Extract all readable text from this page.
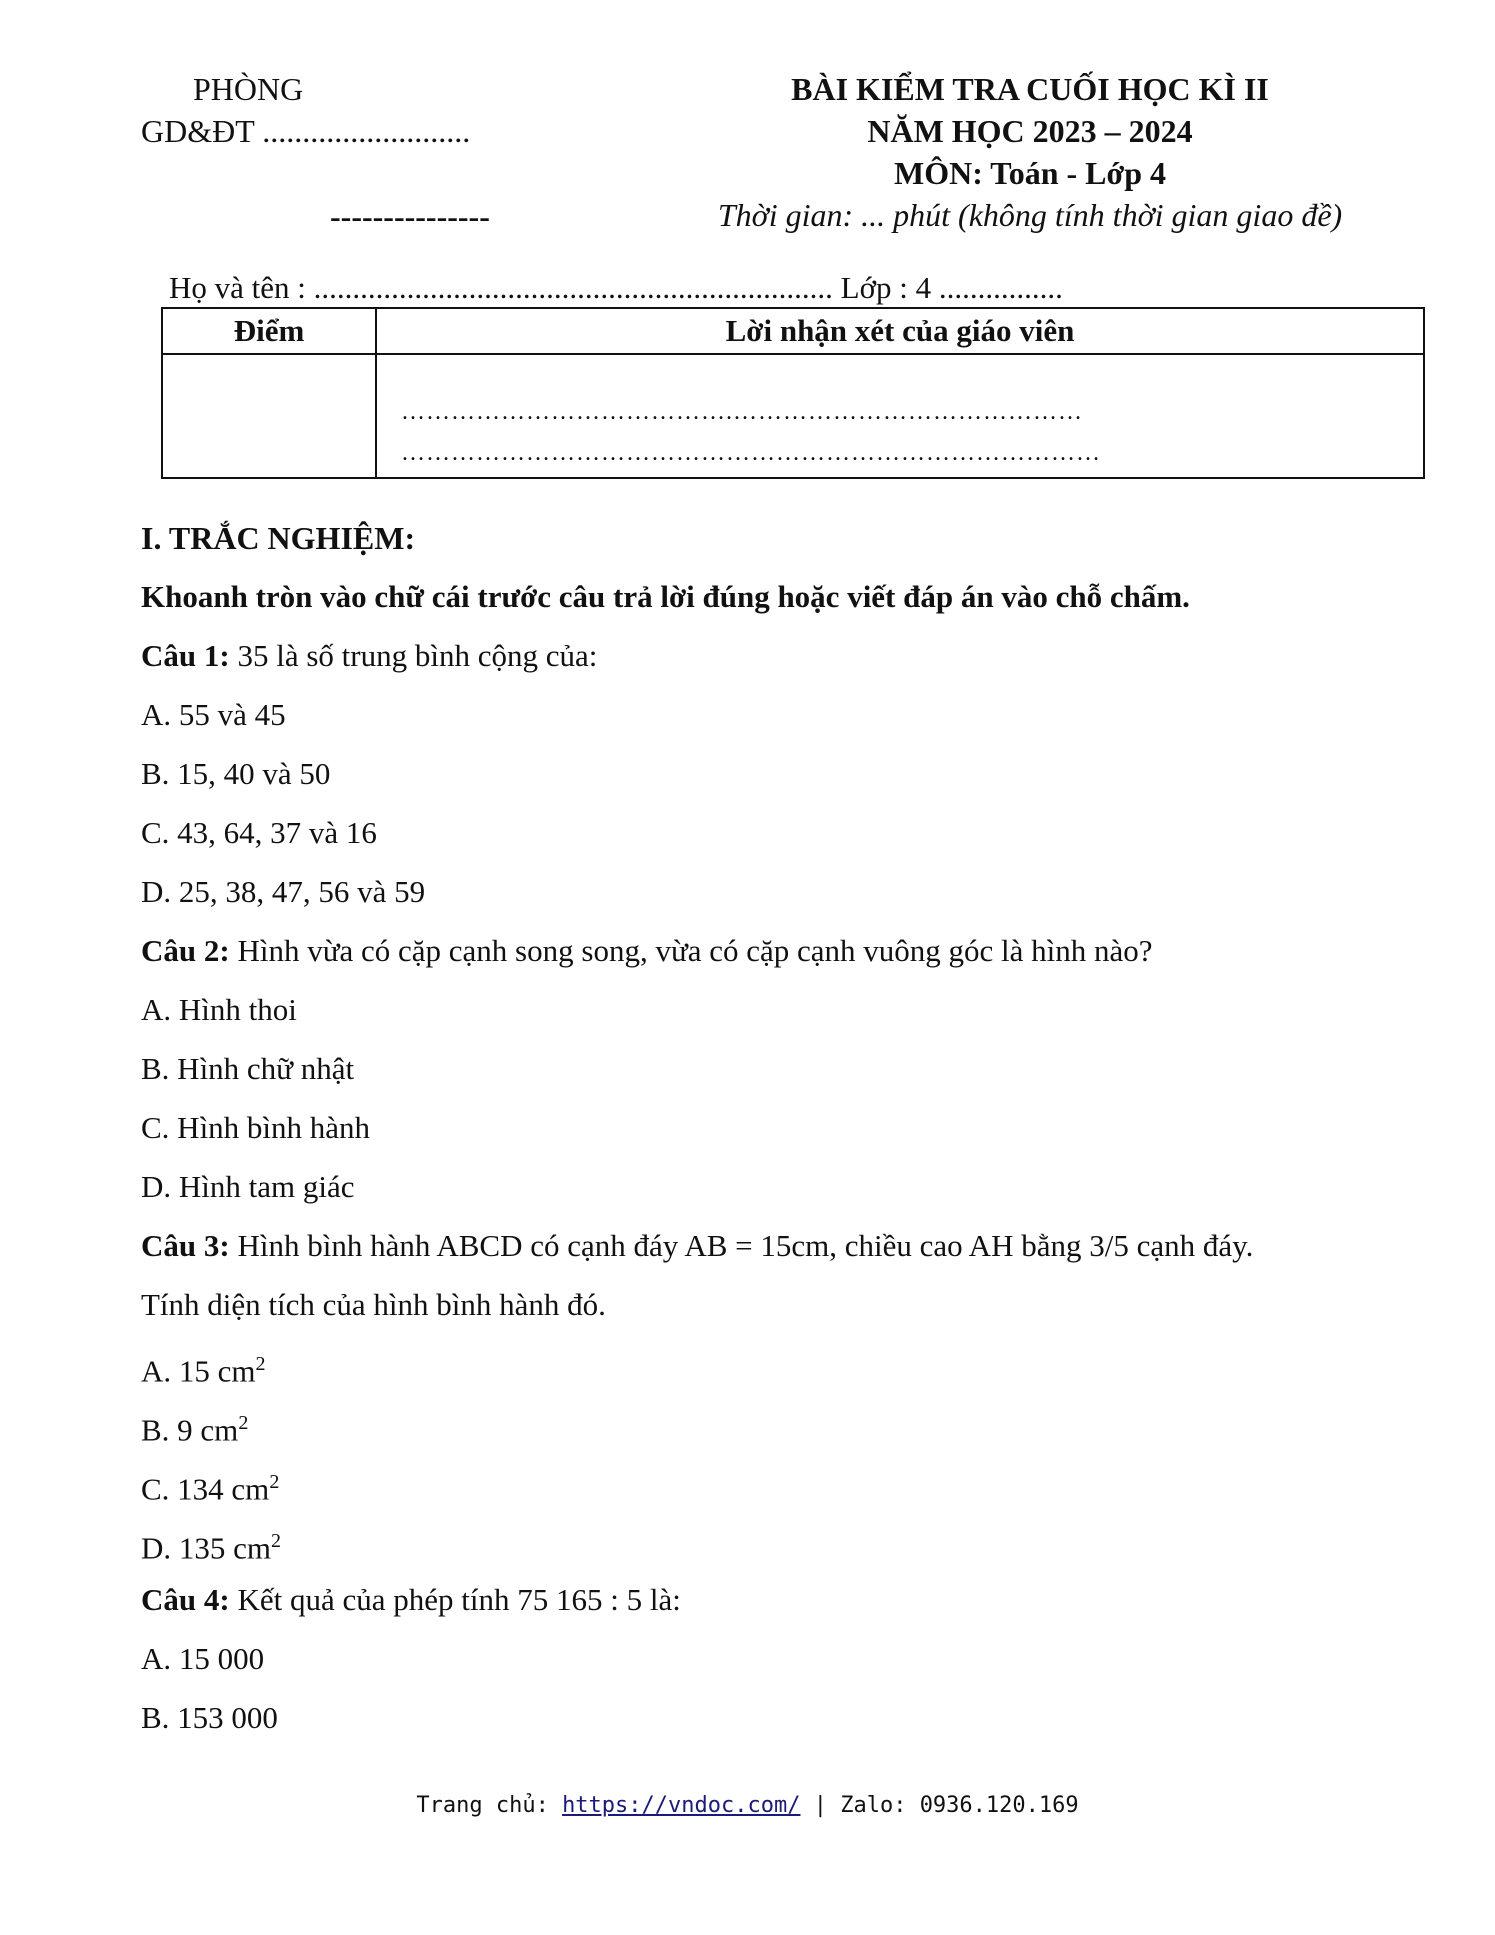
PHÒNG
GD&ĐT ..........................
---------------
BÀI KIỂM TRA CUỐI HỌC KÌ II
NĂM HỌC 2023 – 2024
MÔN: Toán - Lớp 4
Thời gian: ... phút (không tính thời gian giao đề)
Họ và tên : ................................................................... Lớp : 4 ................
Điểm	Lời nhận xét của giáo viên

	………………………………….……………………………………
…………………………………………………………………………
I. TRẮC NGHIỆM:
Khoanh tròn vào chữ cái trước câu trả lời đúng hoặc viết đáp án vào chỗ chấm.
Câu 1: 35 là số trung bình cộng của:
A. 55 và 45
B. 15, 40 và 50
C. 43, 64, 37 và 16
D. 25, 38, 47, 56 và 59
Câu 2: Hình vừa có cặp cạnh song song, vừa có cặp cạnh vuông góc là hình nào?
A. Hình thoi
B. Hình chữ nhật
C. Hình bình hành
D. Hình tam giác
Câu 3: Hình bình hành ABCD có cạnh đáy AB = 15cm, chiều cao AH bằng 3/5 cạnh đáy.
Tính diện tích của hình bình hành đó.
A. 15 $cm^2$
B. 9 $cm^2$
C. 134 $cm^2$
D. 135 $cm^2$
Câu 4: Kết quả của phép tính 75 165 : 5 là:
A. 15 000
B. 153 000
Trang chủ: https://vndoc.com/ | Zalo: 0936.120.169
